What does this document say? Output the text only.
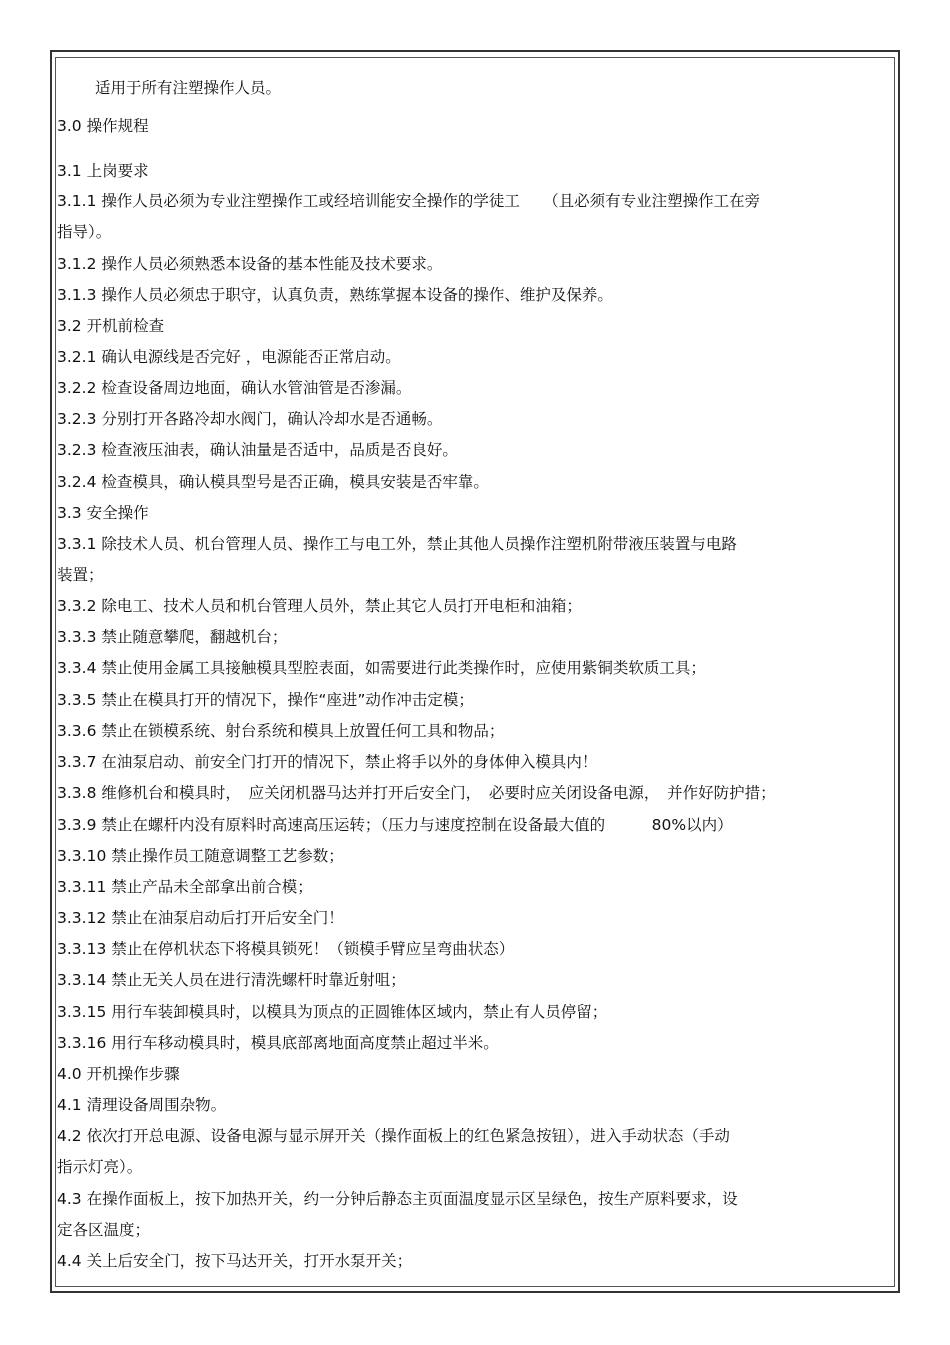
适用于所有注塑操作人员。
3.0 操作规程
3.1 上岗要求
3.1.1 操作人员必须为专业注塑操作工或经培训能安全操作的学徒工　　（且必须有专业注塑操作工在旁
指导）。
3.1.2 操作人员必须熟悉本设备的基本性能及技术要求。
3.1.3 操作人员必须忠于职守，认真负责，熟练掌握本设备的操作、维护及保养。
3.2 开机前检查
3.2.1 确认电源线是否完好 ，电源能否正常启动。
3.2.2 检查设备周边地面，确认水管油管是否渗漏。
3.2.3 分别打开各路冷却水阀门，确认冷却水是否通畅。
3.2.3 检查液压油表，确认油量是否适中，品质是否良好。
3.2.4 检查模具，确认模具型号是否正确，模具安装是否牢靠。
3.3 安全操作
3.3.1 除技术人员、机台管理人员、操作工与电工外，禁止其他人员操作注塑机附带液压装置与电路
装置；
3.3.2 除电工、技术人员和机台管理人员外，禁止其它人员打开电柜和油箱；
3.3.3 禁止随意攀爬，翻越机台；
3.3.4 禁止使用金属工具接触模具型腔表面，如需要进行此类操作时，应使用紫铜类软质工具；
3.3.5 禁止在模具打开的情况下，操作“座进”动作冲击定模；
3.3.6 禁止在锁模系统、射台系统和模具上放置任何工具和物品；
3.3.7 在油泵启动、前安全门打开的情况下，禁止将手以外的身体伸入模具内！
3.3.8 维修机台和模具时，　应关闭机器马达并打开后安全门，　必要时应关闭设备电源，　并作好防护措；
3.3.9 禁止在螺杆内没有原料时高速高压运转；（压力与速度控制在设备最大值的　　　80%以内）
3.3.10 禁止操作员工随意调整工艺参数；
3.3.11 禁止产品未全部拿出前合模；
3.3.12 禁止在油泵启动后打开后安全门！
3.3.13 禁止在停机状态下将模具锁死！（锁模手臂应呈弯曲状态）
3.3.14 禁止无关人员在进行清洗螺杆时靠近射咀；
3.3.15 用行车装卸模具时，以模具为顶点的正圆锥体区域内，禁止有人员停留；
3.3.16 用行车移动模具时，模具底部离地面高度禁止超过半米。
4.0 开机操作步骤
4.1 清理设备周围杂物。
4.2 依次打开总电源、设备电源与显示屏开关（操作面板上的红色紧急按钮），进入手动状态（手动
指示灯亮）。
4.3 在操作面板上，按下加热开关，约一分钟后静态主页面温度显示区呈绿色，按生产原料要求，设
定各区温度；
4.4 关上后安全门，按下马达开关，打开水泵开关；
